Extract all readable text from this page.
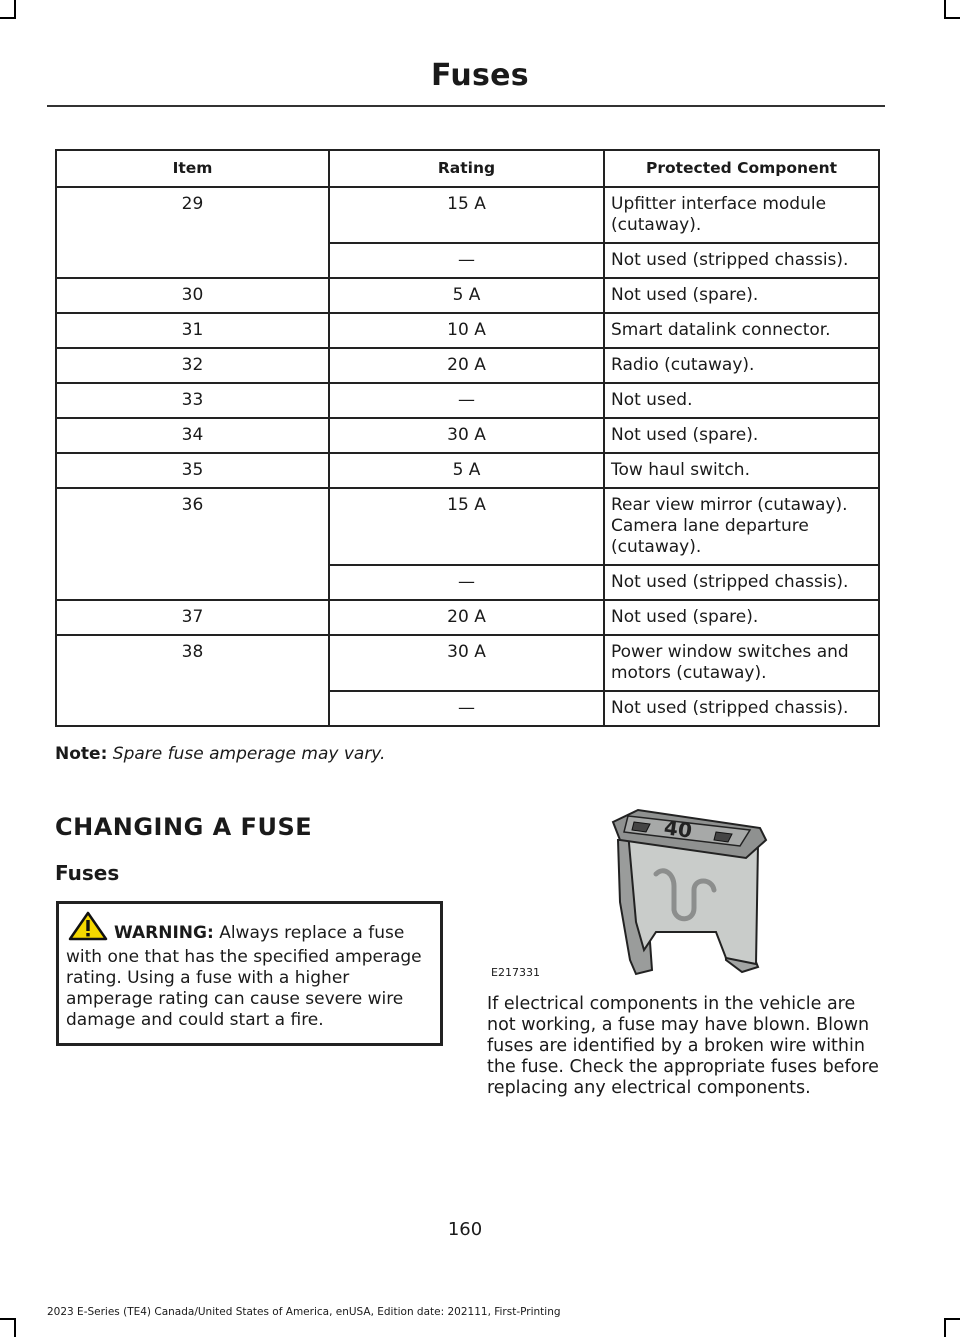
Fuses
Item	Rating	Protected Component
29	15 A	Upfitter interface module (cutaway).
	—	Not used (stripped chassis).
30	5 A	Not used (spare).
31	10 A	Smart datalink connector.
32	20 A	Radio (cutaway).
33	—	Not used.
34	30 A	Not used (spare).
35	5 A	Tow haul switch.
36	15 A	Rear view mirror (cutaway). Camera lane departure (cutaway).
	—	Not used (stripped chassis).
37	20 A	Not used (spare).
38	30 A	Power window switches and motors (cutaway).
	—	Not used (stripped chassis).
Note: Spare fuse amperage may vary.
CHANGING A FUSE
Fuses
WARNING: Always replace a fuse with one that has the specified amperage rating. Using a fuse with a higher amperage rating can cause severe wire damage and could start a fire.
40
E217331
If electrical components in the vehicle are not working, a fuse may have blown. Blown fuses are identified by a broken wire within the fuse. Check the appropriate fuses before replacing any electrical components.
160
2023 E-Series (TE4) Canada/United States of America, enUSA, Edition date: 202111, First-Printing
